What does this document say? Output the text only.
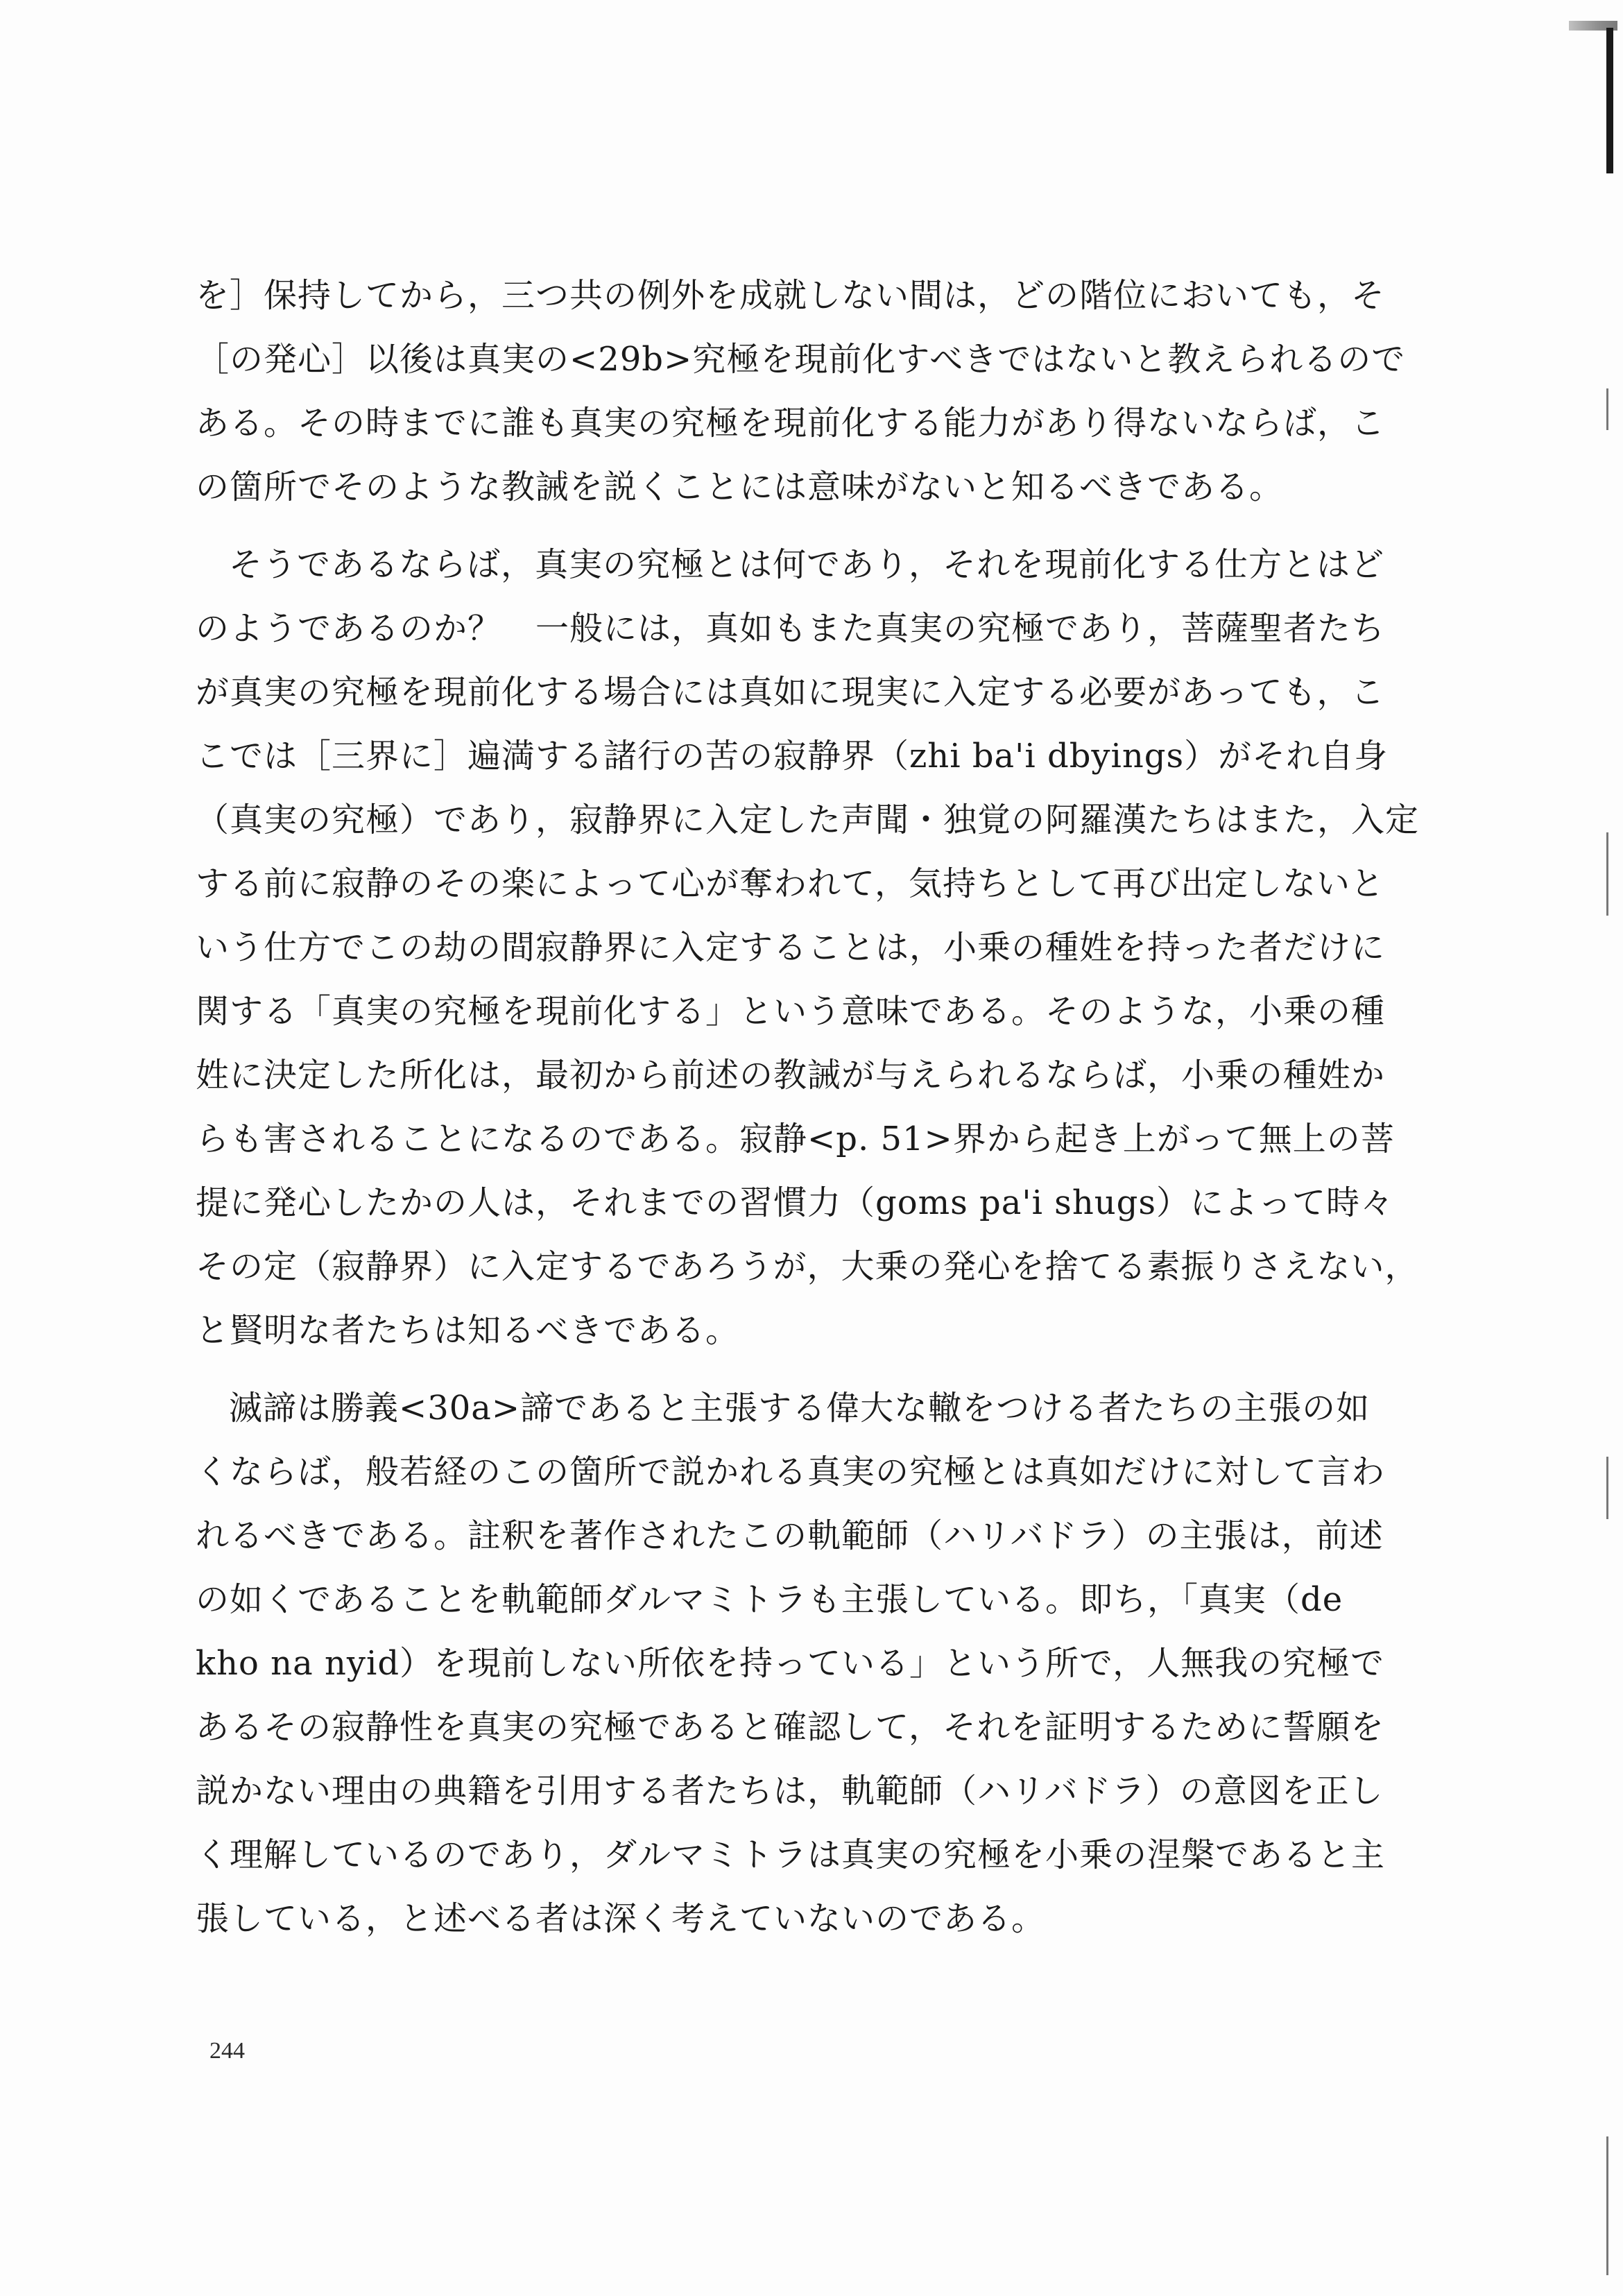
を］保持してから，三つ共の例外を成就しない間は，どの階位においても，そ
［の発心］以後は真実の<29b>究極を現前化すべきではないと教えられるので
ある。その時までに誰も真実の究極を現前化する能力があり得ないならば，こ
の箇所でそのような教誡を説くことには意味がないと知るべきである。
そうであるならば，真実の究極とは何であり，それを現前化する仕方とはど
のようであるのか？　一般には，真如もまた真実の究極であり，菩薩聖者たち
が真実の究極を現前化する場合には真如に現実に入定する必要があっても，こ
こでは［三界に］遍満する諸行の苦の寂静界（zhi ba'i dbyings）がそれ自身
（真実の究極）であり，寂静界に入定した声聞・独覚の阿羅漢たちはまた，入定
する前に寂静のその楽によって心が奪われて，気持ちとして再び出定しないと
いう仕方でこの劫の間寂静界に入定することは，小乗の種姓を持った者だけに
関する「真実の究極を現前化する」という意味である。そのような，小乗の種
姓に決定した所化は，最初から前述の教誡が与えられるならば，小乗の種姓か
らも害されることになるのである。寂静<p. 51>界から起き上がって無上の菩
提に発心したかの人は，それまでの習慣力（goms pa'i shugs）によって時々
その定（寂静界）に入定するであろうが，大乗の発心を捨てる素振りさえない，
と賢明な者たちは知るべきである。
滅諦は勝義<30a>諦であると主張する偉大な轍をつける者たちの主張の如
くならば，般若経のこの箇所で説かれる真実の究極とは真如だけに対して言わ
れるべきである。註釈を著作されたこの軌範師（ハリバドラ）の主張は，前述
の如くであることを軌範師ダルマミトラも主張している。即ち，「真実（de
kho na nyid）を現前しない所依を持っている」という所で，人無我の究極で
あるその寂静性を真実の究極であると確認して，それを証明するために誓願を
説かない理由の典籍を引用する者たちは，軌範師（ハリバドラ）の意図を正し
く理解しているのであり，ダルマミトラは真実の究極を小乗の涅槃であると主
張している，と述べる者は深く考えていないのである。
244
